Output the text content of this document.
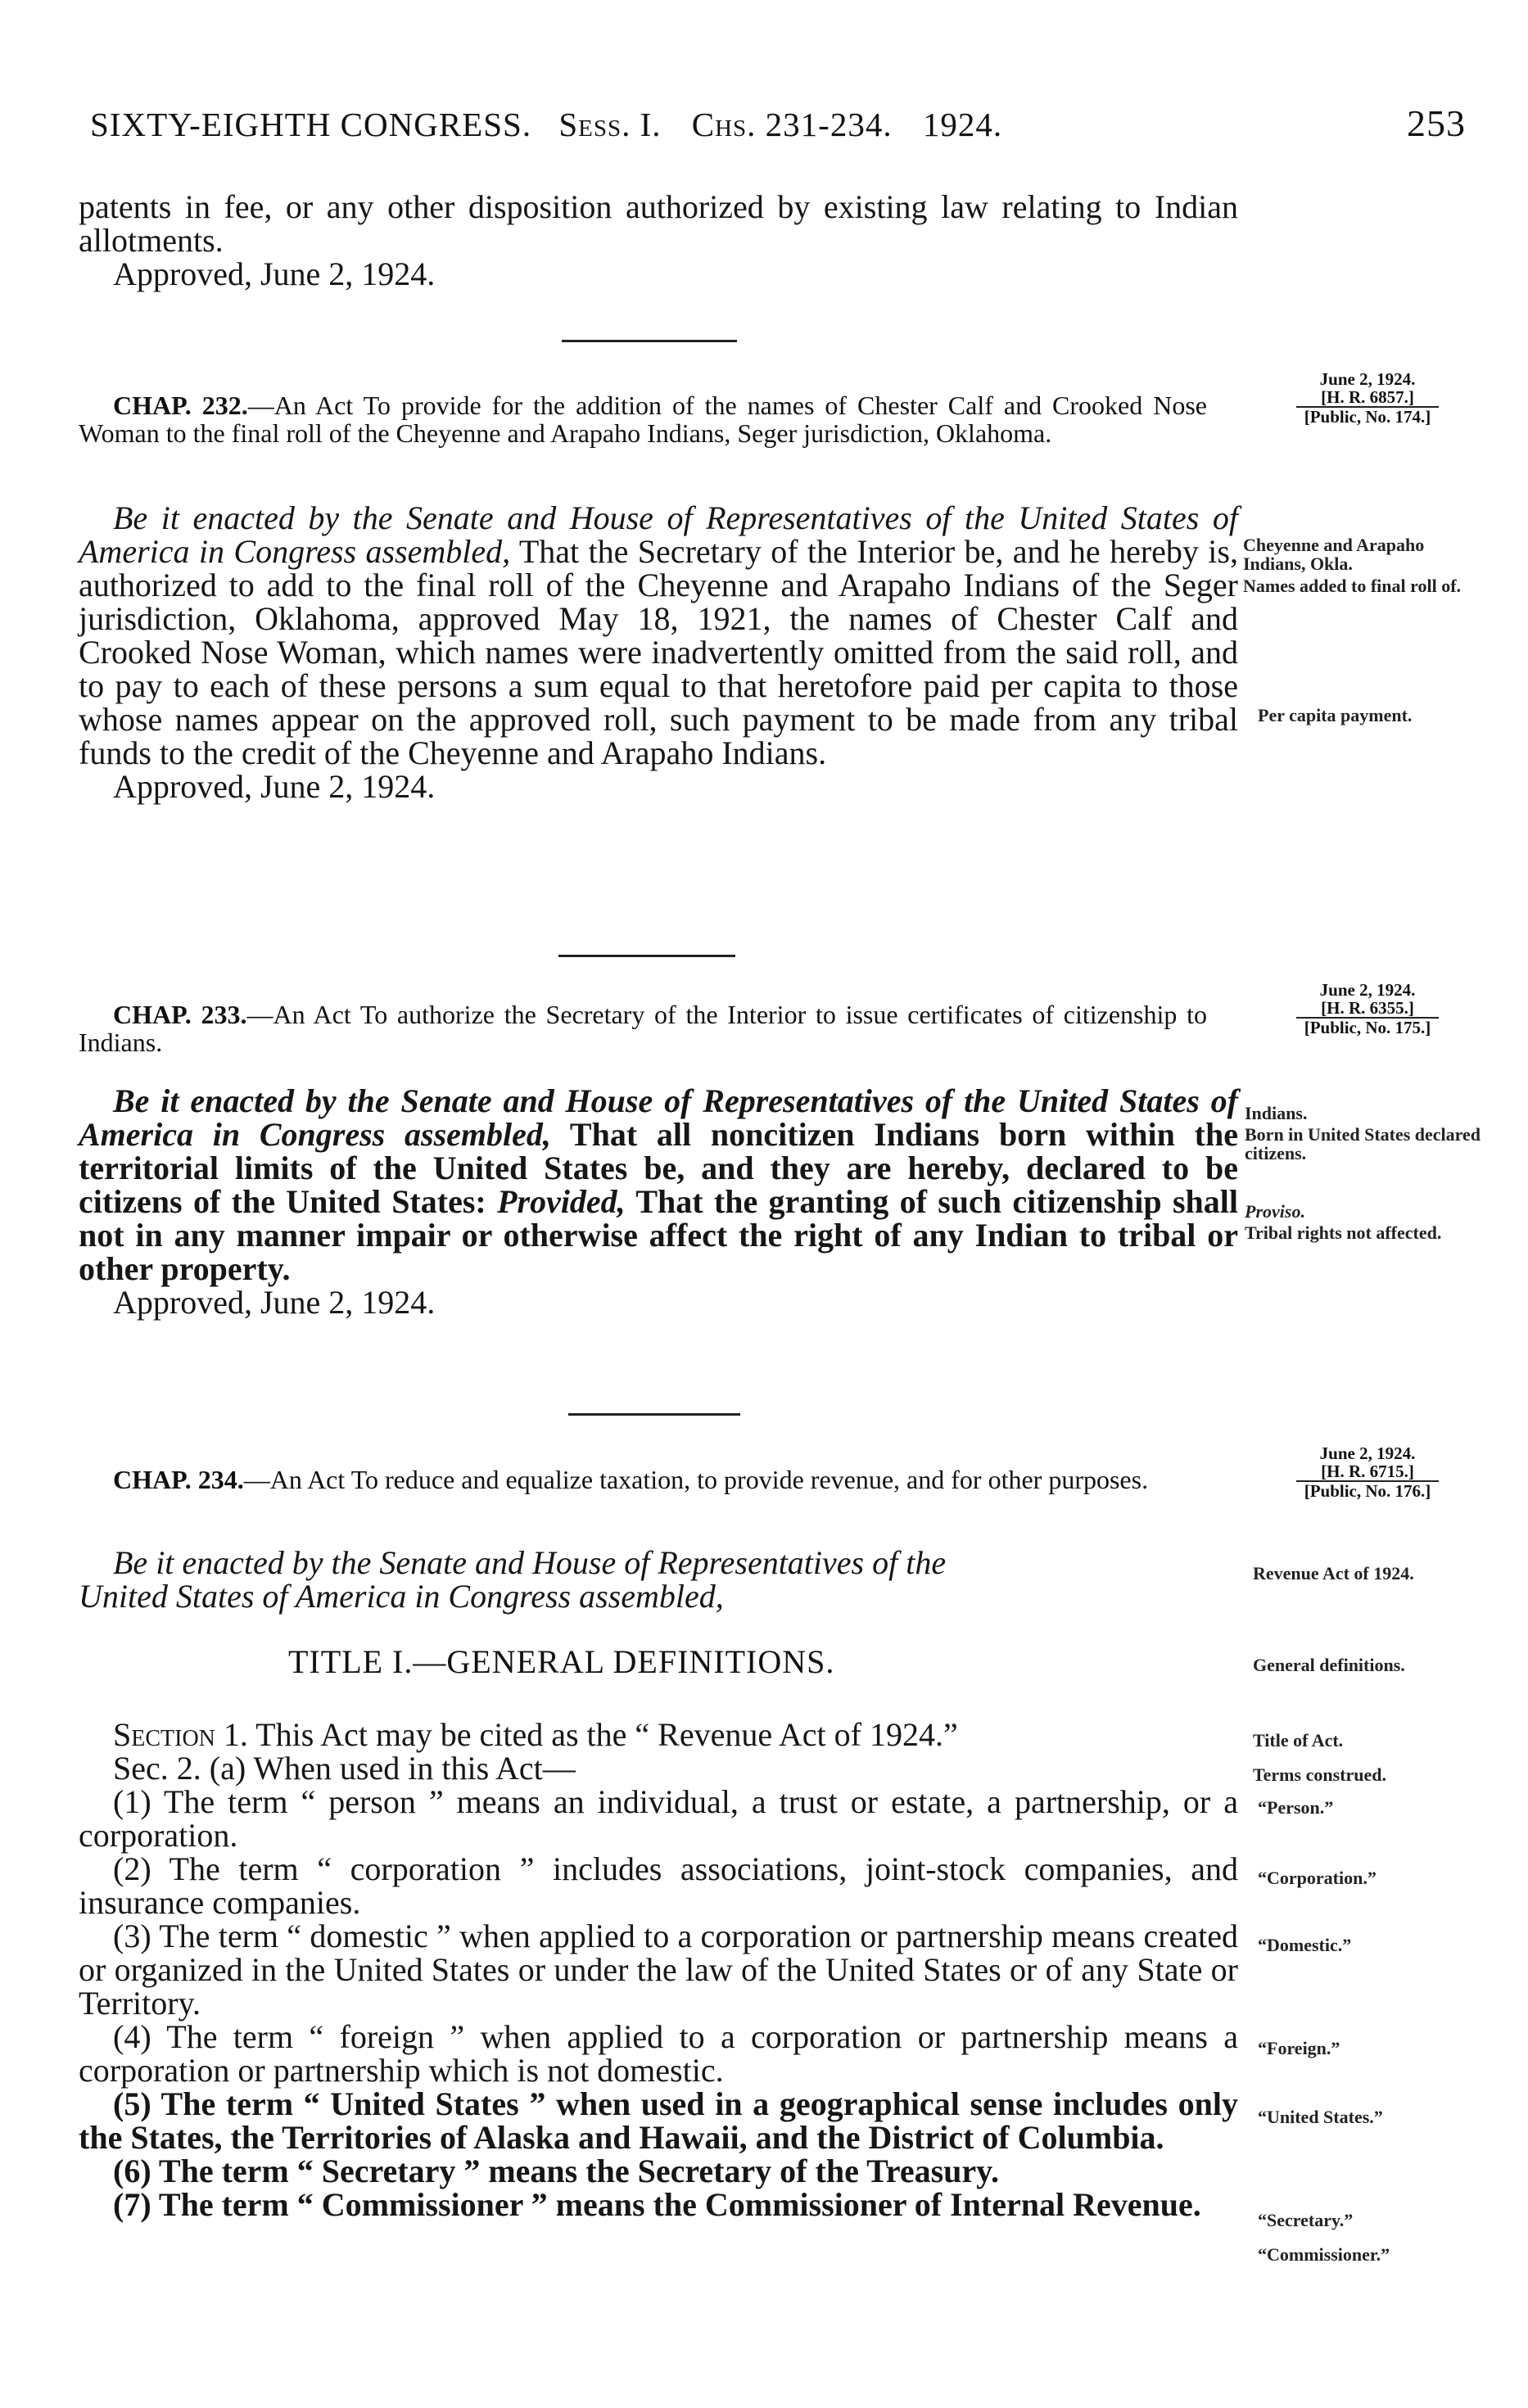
SIXTY-EIGHTH CONGRESS. Sess. I. Chs. 231-234. 1924.	253

patents in fee, or any other disposition authorized by existing law relating to Indian allotments.

Approved, June 2, 1924.

CHAP. 232.—An Act To provide for the addition of the names of Chester Calf and Crooked Nose Woman to the final roll of the Cheyenne and Arapaho Indians, Seger jurisdiction, Oklahoma.

June 2, 1924.
[H. R. 6857.]
[Public, No. 174.]

Be it enacted by the Senate and House of Representatives of the United States of America in Congress assembled, That the Secretary of the Interior be, and he hereby is, authorized to add to the final roll of the Cheyenne and Arapaho Indians of the Seger jurisdiction, Oklahoma, approved May 18, 1921, the names of Chester Calf and Crooked Nose Woman, which names were inadvertently omitted from the said roll, and to pay to each of these persons a sum equal to that heretofore paid per capita to those whose names appear on the approved roll, such payment to be made from any tribal funds to the credit of the Cheyenne and Arapaho Indians.

Approved, June 2, 1924.

Cheyenne and Arapaho Indians, Okla.
Names added to final roll of.
Per capita payment.

CHAP. 233.—An Act To authorize the Secretary of the Interior to issue certificates of citizenship to Indians.

June 2, 1924.
[H. R. 6355.]
[Public, No. 175.]

Be it enacted by the Senate and House of Representatives of the United States of America in Congress assembled, That all noncitizen Indians born within the territorial limits of the United States be, and they are hereby, declared to be citizens of the United States: Provided, That the granting of such citizenship shall not in any manner impair or otherwise affect the right of any Indian to tribal or other property.

Approved, June 2, 1924.

Indians.
Born in United States declared citizens.
Proviso.
Tribal rights not affected.

CHAP. 234.—An Act To reduce and equalize taxation, to provide revenue, and for other purposes.

June 2, 1924.
[H. R. 6715.]
[Public, No. 176.]

Be it enacted by the Senate and House of Representatives of the

United States of America in Congress assembled,

Revenue Act of 1924.
TITLE I.—GENERAL DEFINITIONS.	General definitions.

Section 1. This Act may be cited as the “ Revenue Act of 1924.”

Sec. 2. (a) When used in this Act—

Title of Act.
Terms construed.

(1) The term “ person ” means an individual, a trust or estate, a partnership, or a corporation.

(2) The term “ corporation ” includes associations, joint-stock companies, and insurance companies.

(3) The term “ domestic ” when applied to a corporation or partnership means created or organized in the United States or under the law of the United States or of any State or Territory.

(4) The term “ foreign ” when applied to a corporation or partnership means a corporation or partnership which is not domestic.

(5) The term “ United States ” when used in a geographical sense includes only the States, the Territories of Alaska and Hawaii, and the District of Columbia.

(6) The term “ Secretary ” means the Secretary of the Treasury.

(7) The term “ Commissioner ” means the Commissioner of Internal Revenue.

“Person.”
“Corporation.”
“Domestic.”
“Foreign.”
“United States.”
“Secretary.”
“Commissioner.”
